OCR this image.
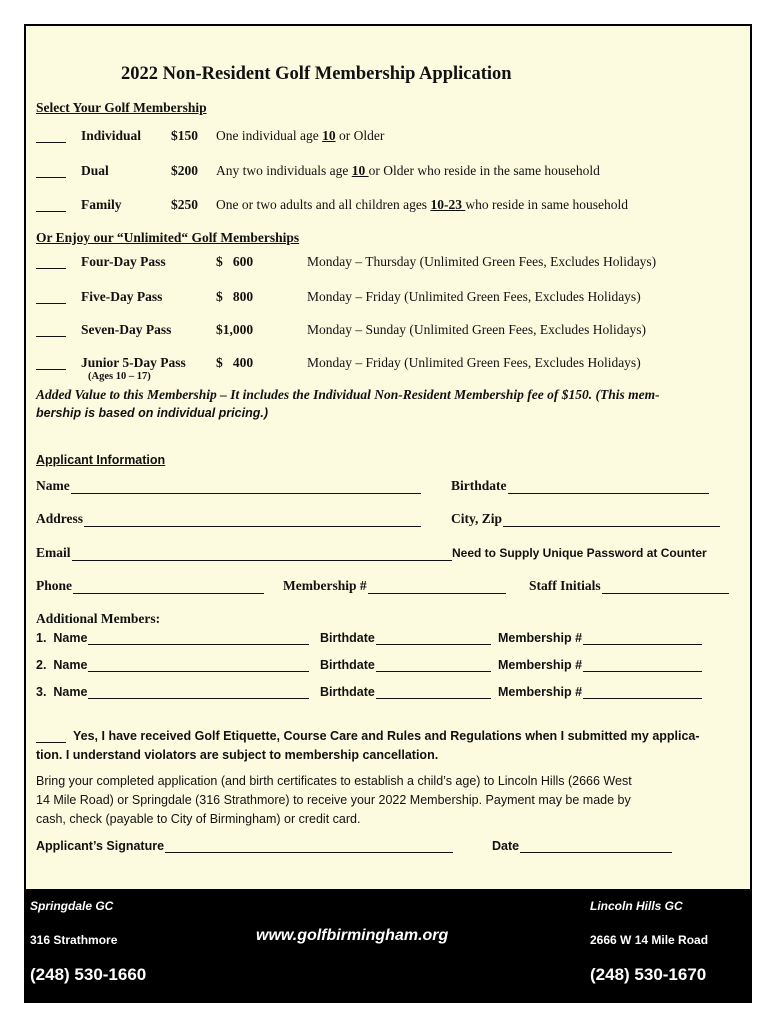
2022 Non-Resident Golf Membership Application
Select Your Golf Membership
Individual $150 One individual age 10 or Older
Dual	$200 Any two individuals age 10 or Older who reside in the same household
Family	$250 One or two adults and all children ages 10-23 who reside in same household
Or Enjoy our “Unlimited“ Golf Memberships
Four-Day Pass	$   600	Monday – Thursday (Unlimited Green Fees, Excludes Holidays)
Five-Day Pass	$   800	Monday – Friday (Unlimited Green Fees, Excludes Holidays)
Seven-Day Pass	$1,000	Monday – Sunday (Unlimited Green Fees, Excludes Holidays)
Junior 5-Day Pass $   400	Monday – Friday (Unlimited Green Fees, Excludes Holidays)
(Ages 10 – 17)
Added Value to this Membership – It includes the Individual Non-Resident Membership fee of $150. (This mem-
bership is based on individual pricing.)
Applicant Information
Name	Birthdate
Address	City, Zip
Email	Need to Supply Unique Password at Counter
Phone	Membership #	Staff Initials
Additional Members:
1.
Name	Birthdate	Membership #
2.
Name	Birthdate	Membership #
3.
Name	Birthdate	Membership #
Yes, I have received Golf Etiquette, Course Care and Rules and Regulations when I submitted my applica-
tion. I understand violators are subject to membership cancellation.
Bring your completed application (and birth certificates to establish a child’s age) to Lincoln Hills (2666 West
14 Mile Road) or Springdale (316 Strathmore) to receive your 2022 Membership. Payment may be made by
cash, check (payable to City of Birmingham) or credit card.
Applicant’s Signature	Date
Springdale GC
316 Strathmore
(248) 530-1660
www.golfbirmingham.org
Lincoln Hills GC
2666 W 14 Mile Road
(248) 530-1670
